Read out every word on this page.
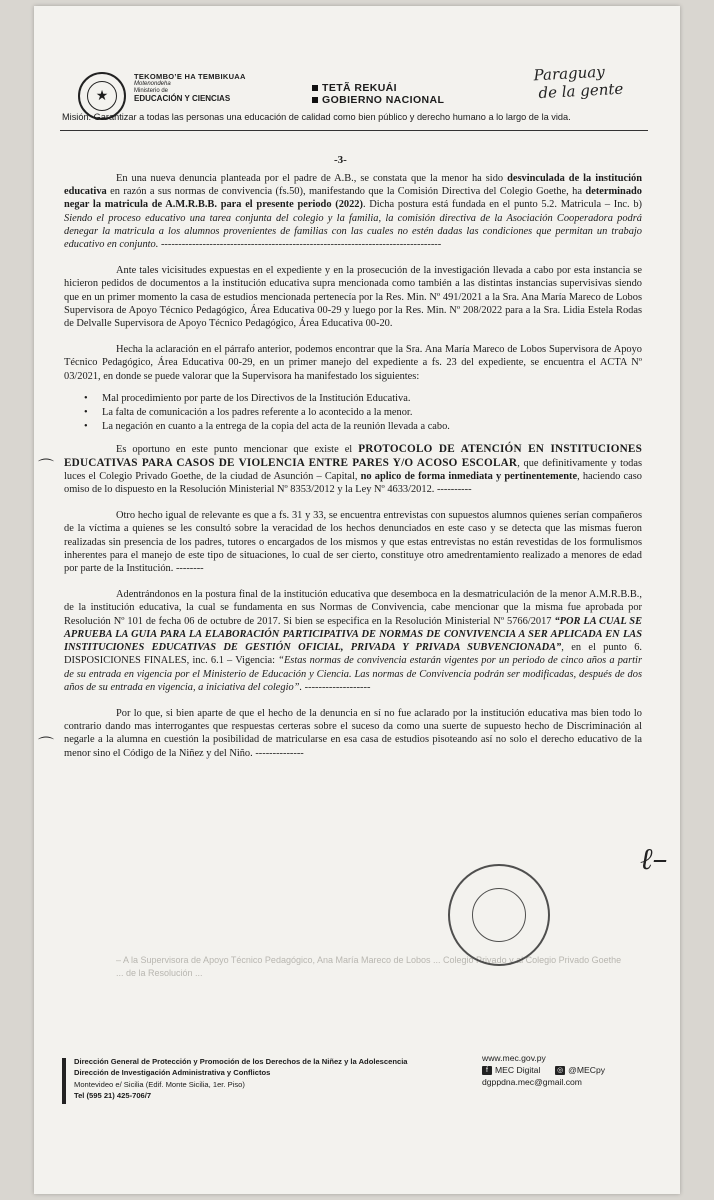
★
TEKOMBO’E HA TEMBIKUAA
Motenondeha
Ministerio de
EDUCACIÓN Y CIENCIAS
TETÃ REKUÁI
GOBIERNO NACIONAL
Paraguay
de la gente
Misión: Garantizar a todas las personas una educación de calidad como bien público y derecho humano a lo largo de la vida.
-3-

En una nueva denuncia planteada por el padre de A.B., se constata que la menor ha sido desvinculada de la institución educativa en razón a sus normas de convivencia (fs.50), manifestando que la Comisión Directiva del Colegio Goethe, ha determinado negar la matricula de A.M.R.B.B. para el presente periodo (2022). Dicha postura está fundada en el punto 5.2. Matricula – Inc. b) Siendo el proceso educativo una tarea conjunta del colegio y la familia, la comisión directiva de la Asociación Cooperadora podrá denegar la matricula a los alumnos provenientes de familias con las cuales no estén dadas las condiciones que permitan un trabajo educativo en conjunto. ---------------------------------------------------------------------------------

Ante tales vicisitudes expuestas en el expediente y en la prosecución de la investigación llevada a cabo por esta instancia se hicieron pedidos de documentos a la institución educativa supra mencionada como también a las distintas instancias supervisivas siendo que en un primer momento la casa de estudios mencionada pertenecía por la Res. Min. Nº 491/2021 a la Sra. Ana María Mareco de Lobos Supervisora de Apoyo Técnico Pedagógico, Área Educativa 00-29 y luego por la Res. Min. Nº 208/2022 para a la Sra. Lidia Estela Rodas de Delvalle Supervisora de Apoyo Técnico Pedagógico, Área Educativa 00-20.

Hecha la aclaración en el párrafo anterior, podemos encontrar que la Sra. Ana María Mareco de Lobos Supervisora de Apoyo Técnico Pedagógico, Área Educativa 00-29, en un primer manejo del expediente a fs. 23 del expediente, se encuentra el ACTA Nº 03/2021, en donde se puede valorar que la Supervisora ha manifestado los siguientes:

• Mal procedimiento por parte de los Directivos de la Institución Educativa.
• La falta de comunicación a los padres referente a lo acontecido a la menor.
• La negación en cuanto a la entrega de la copia del acta de la reunión llevada a cabo.

Es oportuno en este punto mencionar que existe el PROTOCOLO DE ATENCIÓN EN INSTITUCIONES EDUCATIVAS PARA CASOS DE VIOLENCIA ENTRE PARES Y/O ACOSO ESCOLAR, que definitivamente y todas luces el Colegio Privado Goethe, de la ciudad de Asunción – Capital, no aplico de forma inmediata y pertinentemente, haciendo caso omiso de lo dispuesto en la Resolución Ministerial Nº 8353/2012 y la Ley Nº 4633/2012. ----------

Otro hecho igual de relevante es que a fs. 31 y 33, se encuentra entrevistas con supuestos alumnos quienes serían compañeros de la víctima a quienes se les consultó sobre la veracidad de los hechos denunciados en este caso y se detecta que las mismas fueron realizadas sin presencia de los padres, tutores o encargados de los mismos y que estas entrevistas no están revestidas de los formulismos inherentes para el manejo de este tipo de situaciones, lo cual de ser cierto, constituye otro amedrentamiento realizado a menores de edad por parte de la Institución. --------

Adentrándonos en la postura final de la institución educativa que desemboca en la desmatriculación de la menor A.M.R.B.B., de la institución educativa, la cual se fundamenta en sus Normas de Convivencia, cabe mencionar que la misma fue aprobada por Resolución Nº 101 de fecha 06 de octubre de 2017. Si bien se especifica en la Resolución Ministerial Nº 5766/2017 “POR LA CUAL SE APRUEBA LA GUIA PARA LA ELABORACIÓN PARTICIPATIVA DE NORMAS DE CONVIVENCIA A SER APLICADA EN LAS INSTITUCIONES EDUCATIVAS DE GESTIÓN OFICIAL, PRIVADA Y PRIVADA SUBVENCIONADA”, en el punto 6. DISPOSICIONES FINALES, inc. 6.1 – Vigencia: “Estas normas de convivencia estarán vigentes por un periodo de cinco años a partir de su entrada en vigencia por el Ministerio de Educación y Ciencia. Las normas de Convivencia podrán ser modificadas, después de dos años de su entrada en vigencia, a iniciativa del colegio”. -------------------

Por lo que, si bien aparte de que el hecho de la denuncia en sí no fue aclarado por la institución educativa mas bien todo lo contrario dando mas interrogantes que respuestas certeras sobre el suceso da como una suerte de supuesto hecho de Discriminación al negarle a la alumna en cuestión la posibilidad de matricularse en esa casa de estudios pisoteando así no solo el derecho educativo de la menor sino el Código de la Niñez y del Niño. --------------

– A la Supervisora de Apoyo Técnico Pedagógico, Ana María Mareco de Lobos ... Colegio Privado y al Colegio Privado Goethe ... de la Resolución ...
ℓ–
⌒
⌒
Dirección General de Protección y Promoción de los Derechos de la Niñez y la Adolescencia
Dirección de Investigación Administrativa y Conflictos
Montevideo e/ Sicilia (Edif. Monte Sicilia, 1er. Piso)
Tel (595 21) 425-706/7
www.mec.gov.py
f MEC Digital ◎ @MECpy
dgppdna.mec@gmail.com
